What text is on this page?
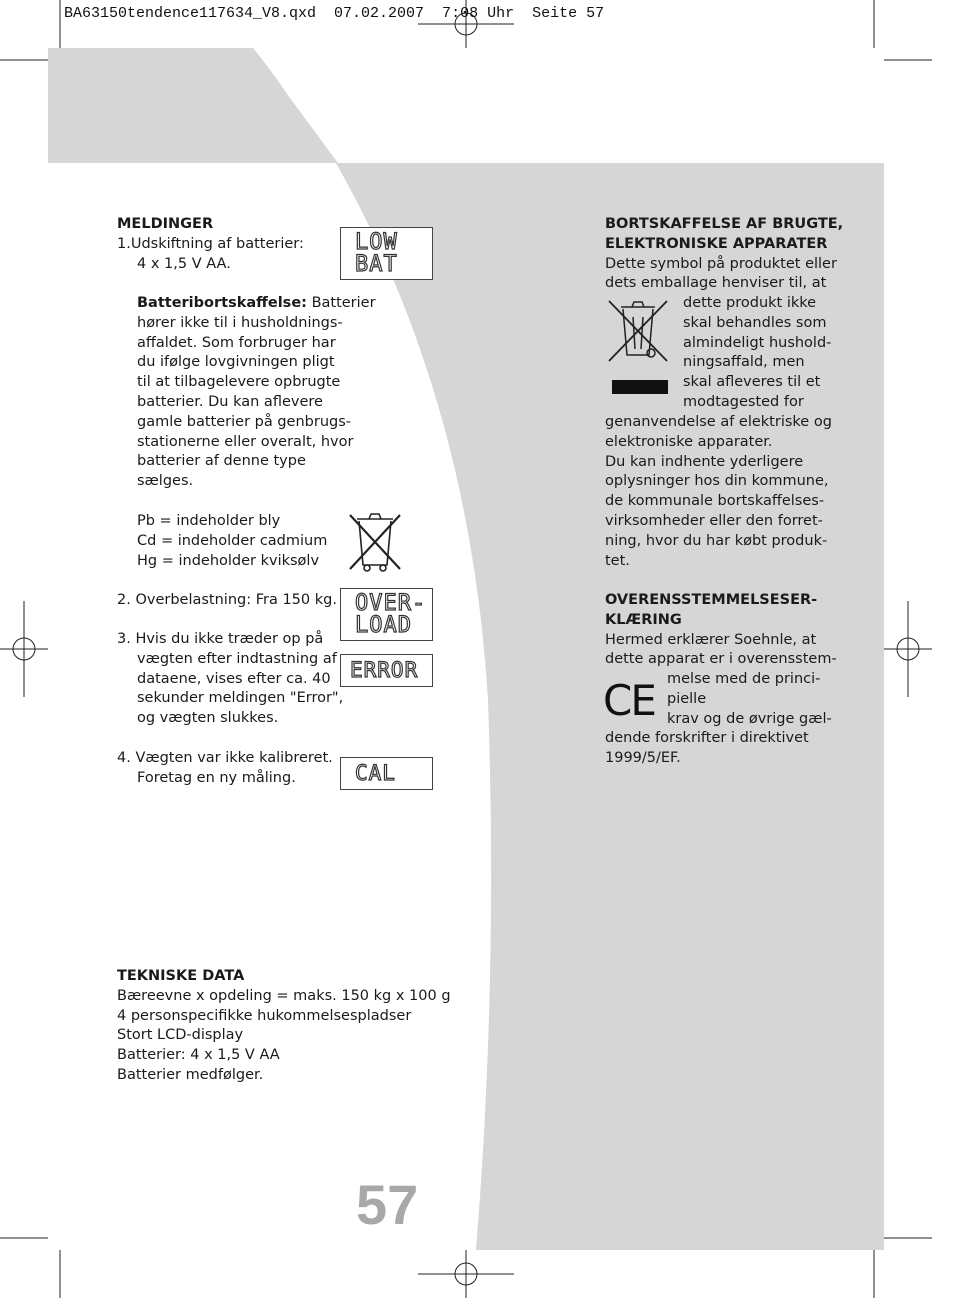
BA63150tendence117634_V8.qxd  07.02.2007  7:08 Uhr  Seite 57
MELDINGER
1.Udskiftning af batterier:
4 x 1,5 V AA.
Batteribortskaffelse: Batterier
hører ikke til i husholdnings-
affaldet. Som forbruger har
du ifølge lovgivningen pligt
til at tilbagelevere opbrugte
batterier. Du kan aflevere
gamle batterier på genbrugs-
stationerne eller overalt, hvor
batterier af denne type
sælges.
Pb = indeholder bly
Cd = indeholder cadmium
Hg = indeholder kviksølv
2. Overbelastning: Fra 150 kg.
3. Hvis du ikke træder op på
vægten efter indtastning af
dataene, vises efter ca. 40
sekunder meldingen "Error",
og vægten slukkes.
4. Vægten var ikke kalibreret.
Foretag en ny måling.
LOW
BAT
OVER-
LOAD
ERROR
CAL
TEKNISKE DATA
Bæreevne x opdeling = maks. 150 kg x 100 g
4 personspecifikke hukommelsespladser
Stort LCD-display
Batterier: 4 x 1,5 V AA
Batterier medfølger.
BORTSKAFFELSE AF BRUGTE,
ELEKTRONISKE APPARATER
Dette symbol på produktet eller
dets emballage henviser til, at
dette produkt ikke
skal behandles som
almindeligt hushold-
ningsaffald, men
skal afleveres til et
modtagested for
genanvendelse af elektriske og
elektroniske apparater.
Du kan indhente yderligere
oplysninger hos din kommune,
de kommunale bortskaffelses-
virksomheder eller den forret-
ning, hvor du har købt produk-
tet.
OVERENSSTEMMELSESER-
KLÆRING
Hermed erklærer Soehnle, at
dette apparat er i overensstem-
CE melse med de princi-
pielle
krav og de øvrige gæl-
dende forskrifter i direktivet
1999/5/EF.

57
